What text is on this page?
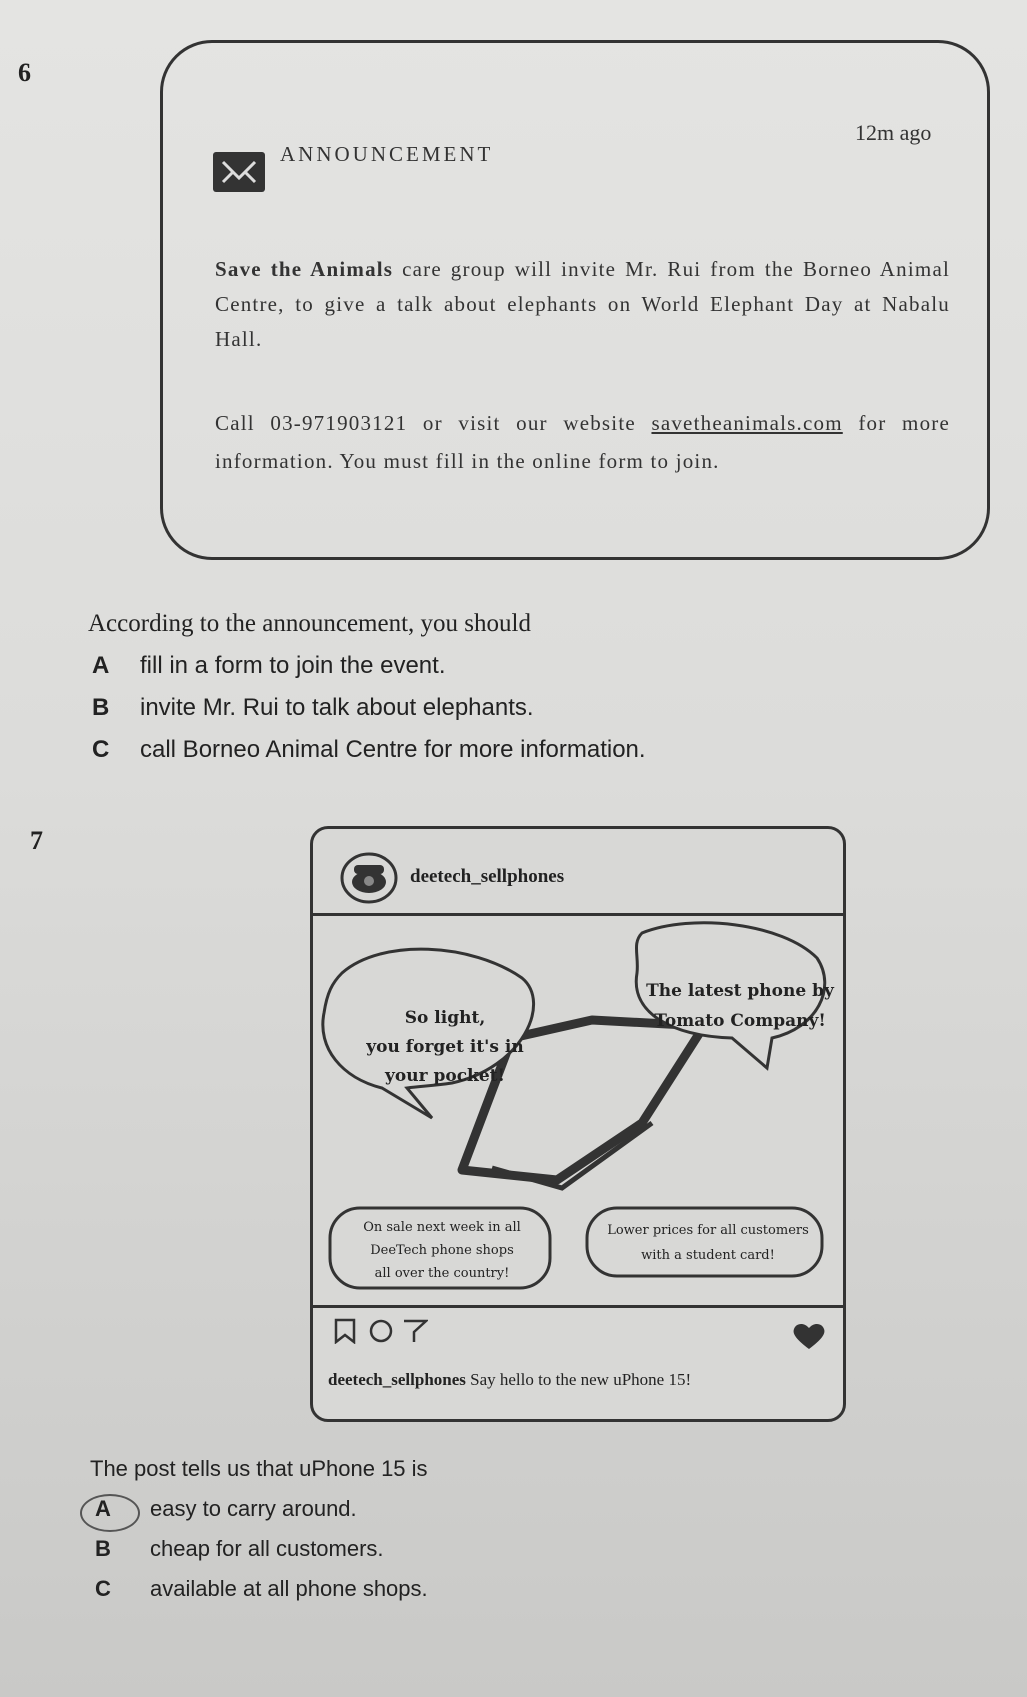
6
ANNOUNCEMENT
12m ago
Save the Animals care group will invite Mr. Rui from the Borneo Animal Centre, to give a talk about elephants on World Elephant Day at Nabalu Hall.
Call 03-971903121 or visit our website savetheanimals.com for more information. You must fill in the online form to join.
According to the announcement, you should
A fill in a form to join the event.
B invite Mr. Rui to talk about elephants.
C call Borneo Animal Centre for more information.
7
deetech_sellphones
So light,
you forget it's in
your pocket!
The latest phone by
Tomato Company!
On sale next week in all
DeeTech phone shops
all over the country!
Lower prices for all customers
with a student card!
deetech_sellphones Say hello to the new uPhone 15!
The post tells us that uPhone 15 is
A easy to carry around.
B cheap for all customers.
C available at all phone shops.
